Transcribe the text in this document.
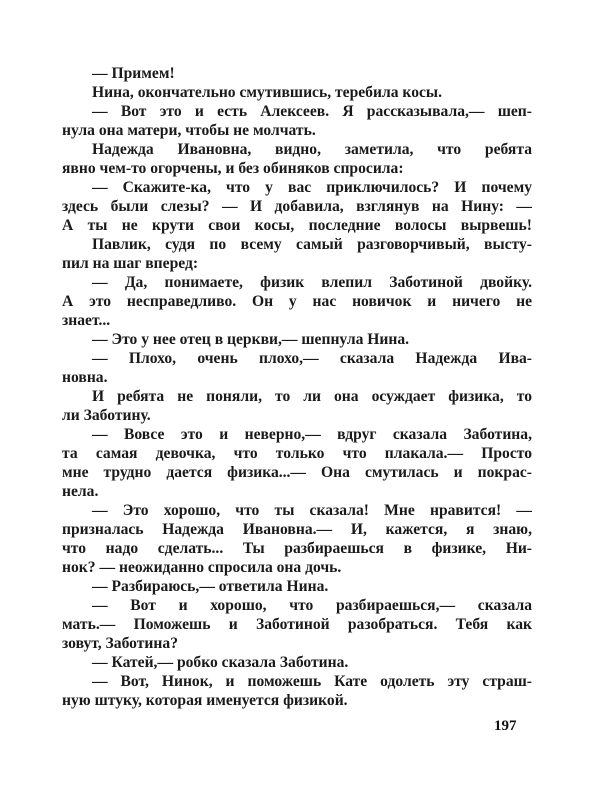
— Примем!
Нина, окончательно смутившись, теребила косы.
— Вот это и есть Алексеев. Я рассказывала,— шеп-
нула она матери, чтобы не молчать.
Надежда Ивановна, видно, заметила, что ребята
явно чем-то огорчены, и без обиняков спросила:
— Скажите-ка, что у вас приключилось? И почему
здесь были слезы? — И добавила, взглянув на Нину: —
А ты не крути свои косы, последние волосы вырвешь!
Павлик, судя по всему самый разговорчивый, высту-
пил на шаг вперед:
— Да, понимаете, физик влепил Заботиной двойку.
А это несправедливо. Он у нас новичок и ничего не
знает...
— Это у нее отец в церкви,— шепнула Нина.
— Плохо, очень плохо,— сказала Надежда Ива-
новна.
И ребята не поняли, то ли она осуждает физика, то
ли Заботину.
— Вовсе это и неверно,— вдруг сказала Заботина,
та самая девочка, что только что плакала.— Просто
мне трудно дается физика...— Она смутилась и покрас-
нела.
— Это хорошо, что ты сказала! Мне нравится! —
призналась Надежда Ивановна.— И, кажется, я знаю,
что надо сделать... Ты разбираешься в физике, Ни-
нок? — неожиданно спросила она дочь.
— Разбираюсь,— ответила Нина.
— Вот и хорошо, что разбираешься,— сказала
мать.— Поможешь и Заботиной разобраться. Тебя как
зовут, Заботина?
— Катей,— робко сказала Заботина.
— Вот, Нинок, и поможешь Кате одолеть эту страш-
ную штуку, которая именуется физикой.
197
